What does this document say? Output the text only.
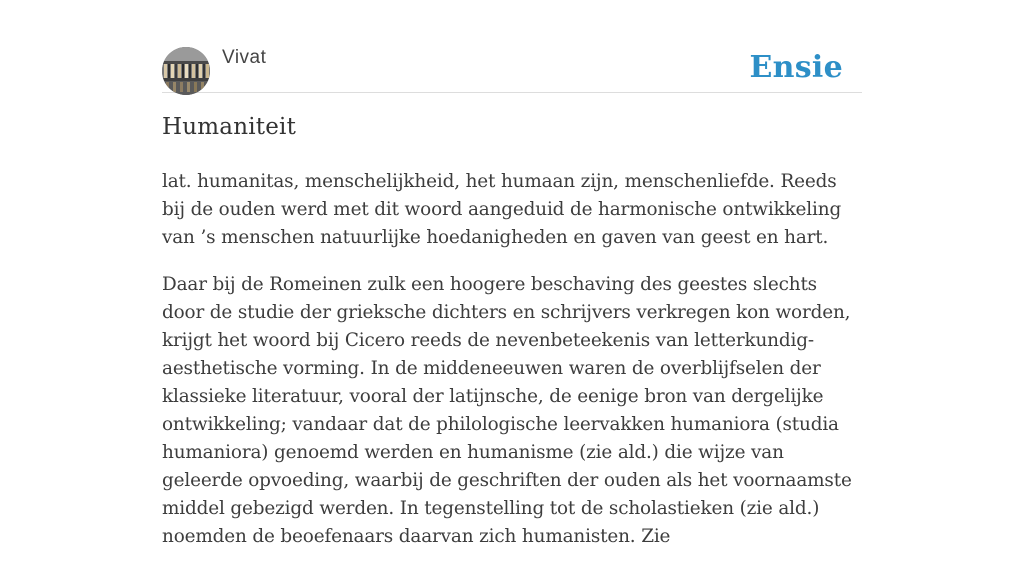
Vivat	Ensie
Humaniteit

lat. humanitas, menschelijkheid, het humaan zijn, menschenliefde. Reeds bij de ouden werd met dit woord aangeduid de harmonische ontwikkeling van ’s menschen natuurlijke hoedanigheden en gaven van geest en hart.

Daar bij de Romeinen zulk een hoogere beschaving des geestes slechts door de studie der grieksche dichters en schrijvers verkregen kon worden, krijgt het woord bij Cicero reeds de nevenbeteekenis van letterkundig-aesthetische vorming. In de middeneeuwen waren de overblijfselen der klassieke literatuur, vooral der latijnsche, de eenige bron van dergelijke ontwikkeling; vandaar dat de philologische leervakken humaniora (studia humaniora) genoemd werden en humanisme (zie ald.) die wijze van geleerde opvoeding, waarbij de geschriften der ouden als het voornaamste middel gebezigd werden. In tegenstelling tot de scholastieken (zie ald.) noemden de beoefenaars daarvan zich humanisten. Zie
